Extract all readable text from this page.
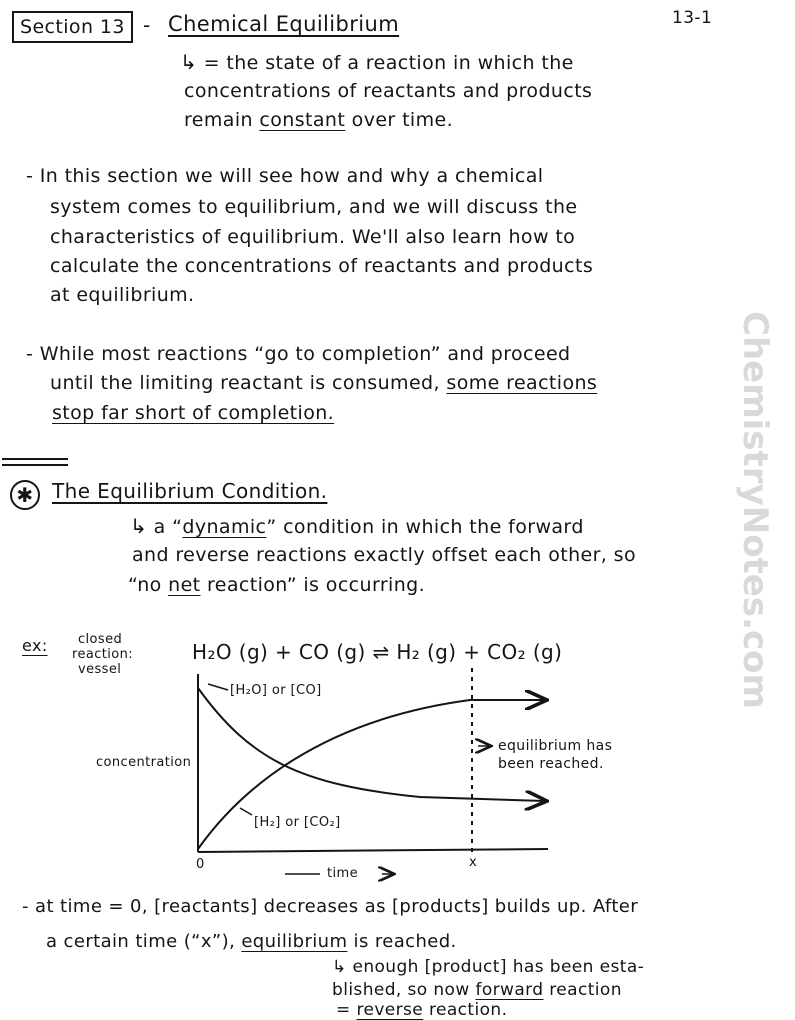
Section 13 - Chemical Equilibrium	13-1
↳ = the state of a reaction in which the
concentrations of reactants and products
remain constant over time.
- In this section we will see how and why a chemical
system comes to equilibrium, and we will discuss the
characteristics of equilibrium. We'll also learn how to
calculate the concentrations of reactants and products
at equilibrium.
- While most reactions “go to completion” and proceed
until the limiting reactant is consumed, some reactions
stop far short of completion.
✱ The Equilibrium Condition.
↳ a “dynamic” condition in which the forward
and reverse reactions exactly offset each other, so
“no net reaction” is occurring.
ex: closed
reaction:
vessel
H₂O (g) + CO (g) ⇌ H₂ (g) + CO₂ (g)
[H₂O] or [CO]
[H₂] or [CO₂]
concentration
0	x
time
equilibrium has
been reached.
- at time = 0, [reactants] decreases as [products] builds up. After
a certain time (“x”), equilibrium is reached.
↳ enough [product] has been esta-
blished, so now forward reaction
= reverse reaction.
ChemistryNotes.com
